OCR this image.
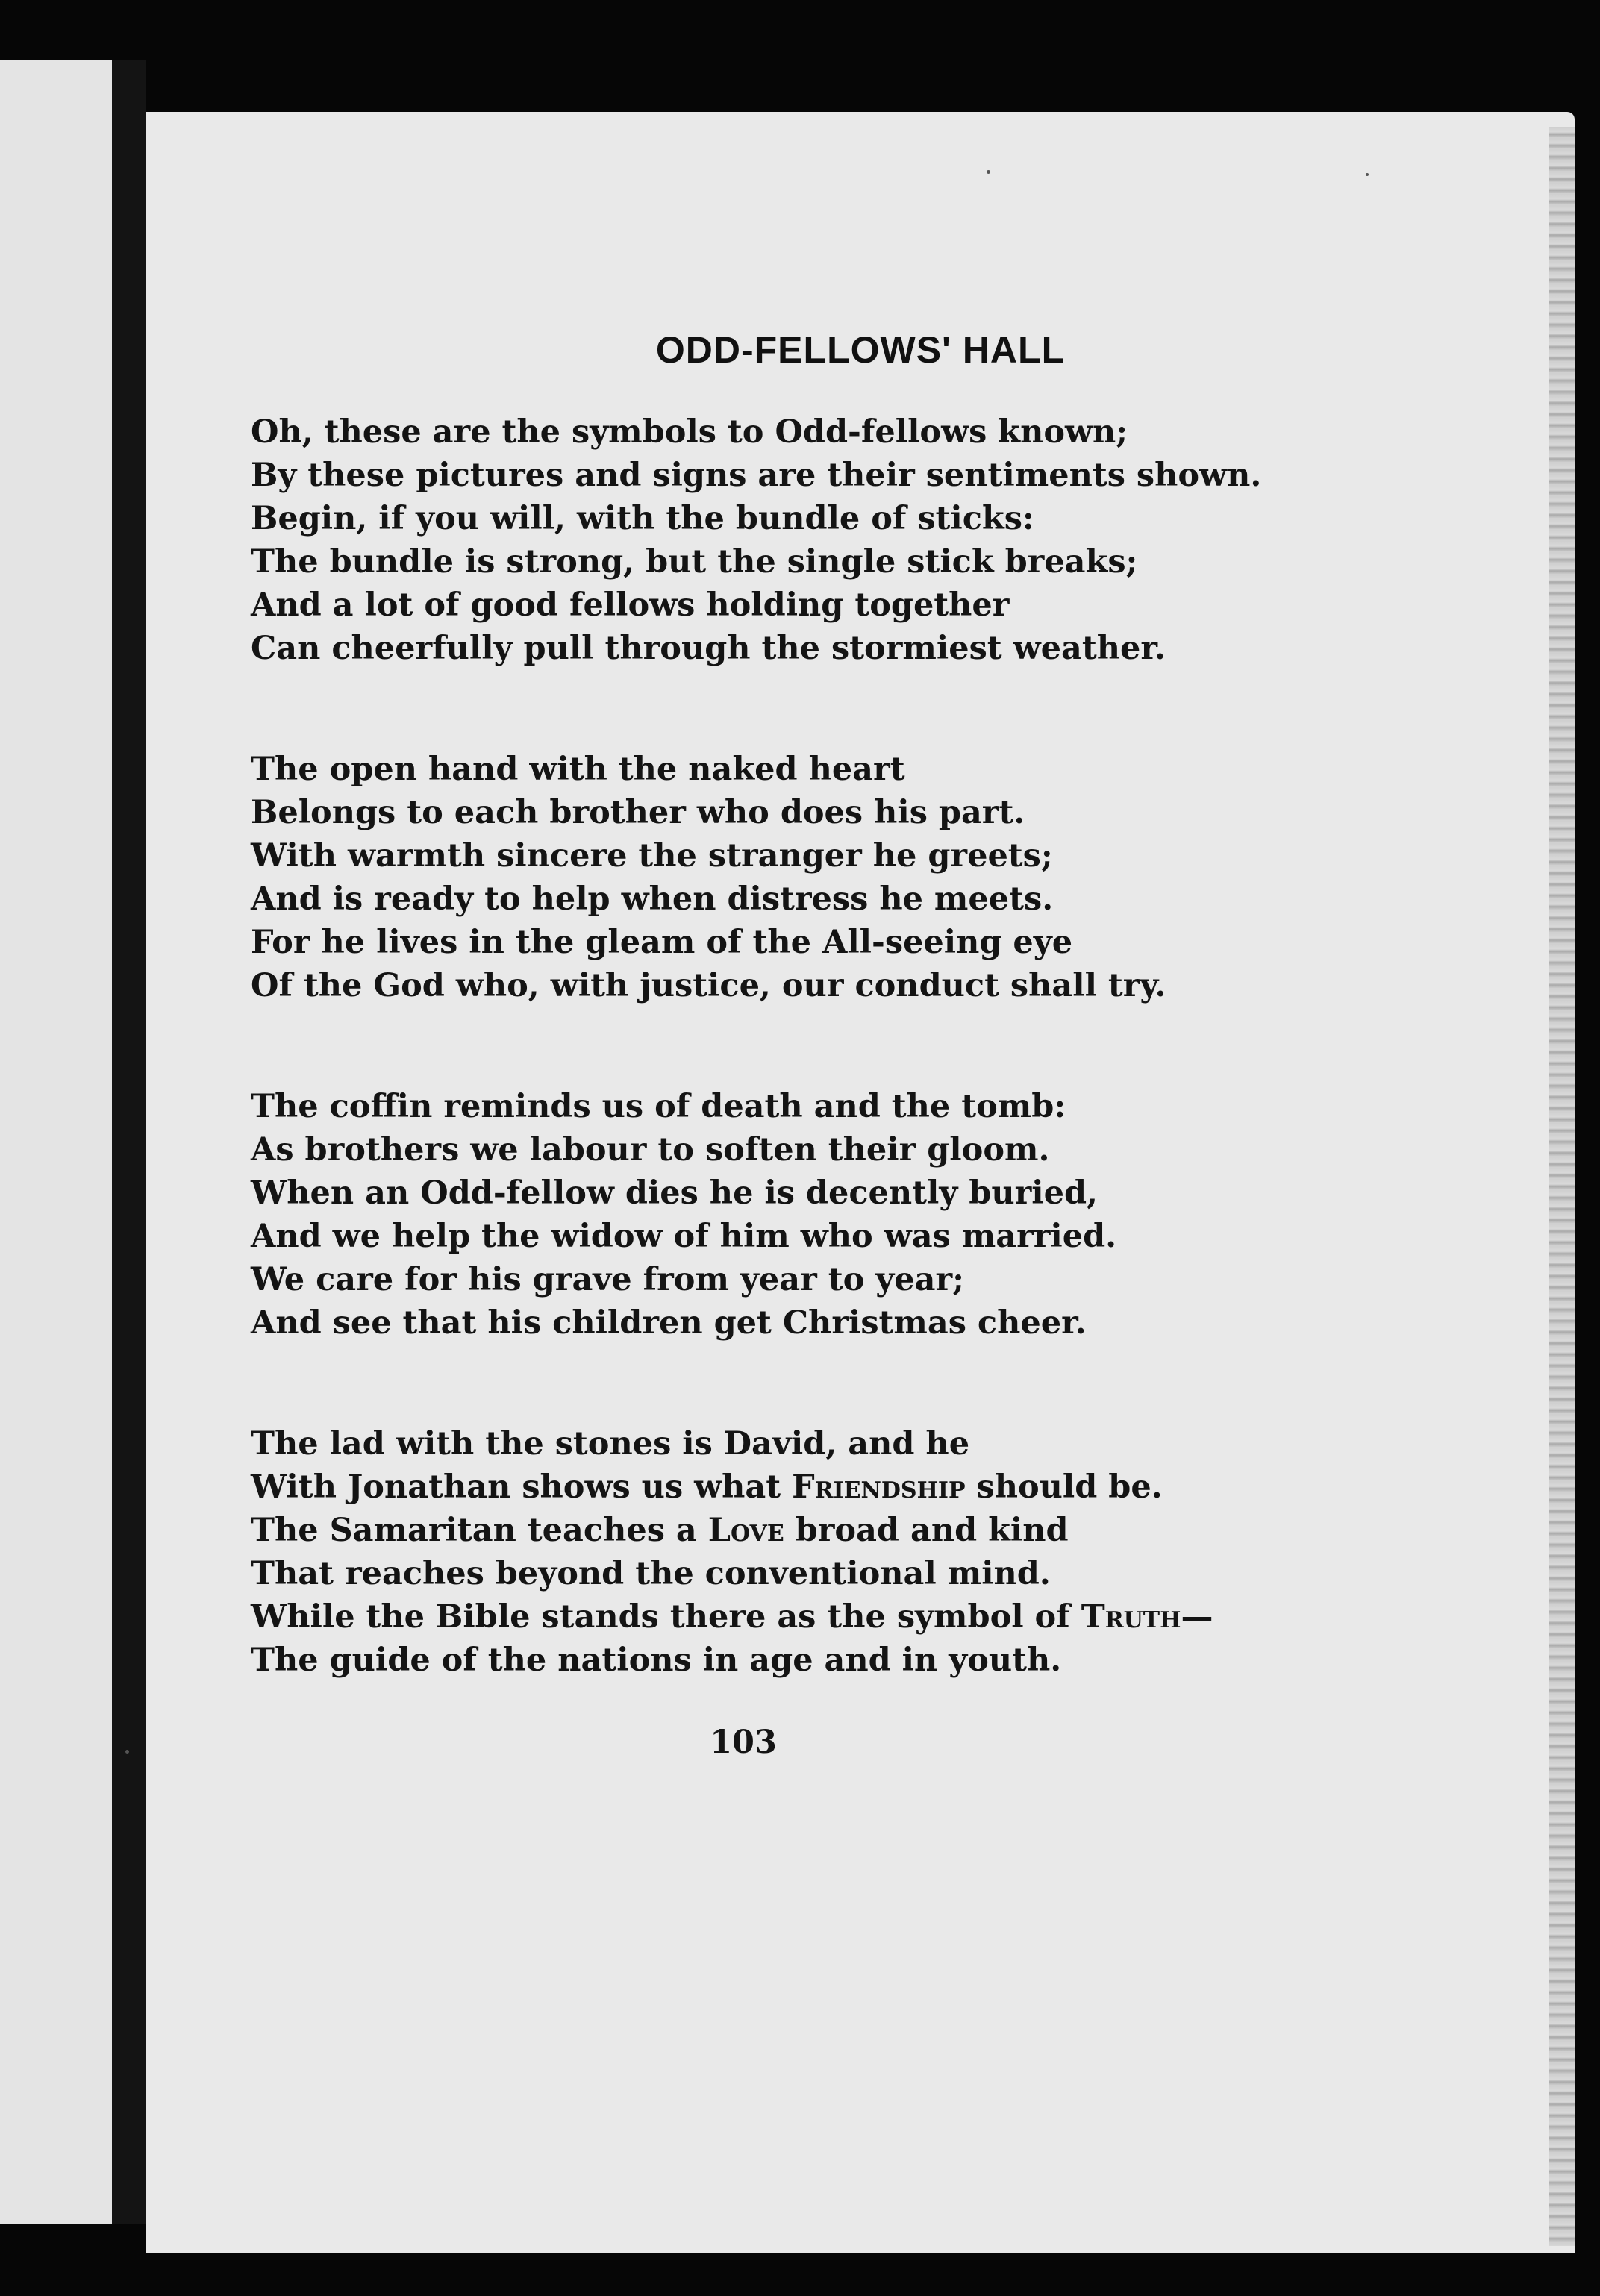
ODD-FELLOWS' HALL
Oh, these are the symbols to Odd-fellows known;
By these pictures and signs are their sentiments shown.
Begin, if you will, with the bundle of sticks:
The bundle is strong, but the single stick breaks;
And a lot of good fellows holding together
Can cheerfully pull through the stormiest weather.
The open hand with the naked heart
Belongs to each brother who does his part.
With warmth sincere the stranger he greets;
And is ready to help when distress he meets.
For he lives in the gleam of the All-seeing eye
Of the God who, with justice, our conduct shall try.
The coffin reminds us of death and the tomb:
As brothers we labour to soften their gloom.
When an Odd-fellow dies he is decently buried,
And we help the widow of him who was married.
We care for his grave from year to year;
And see that his children get Christmas cheer.
The lad with the stones is David, and he
With Jonathan shows us what Friendship should be.
The Samaritan teaches a Love broad and kind
That reaches beyond the conventional mind.
While the Bible stands there as the symbol of Truth—
The guide of the nations in age and in youth.
103
